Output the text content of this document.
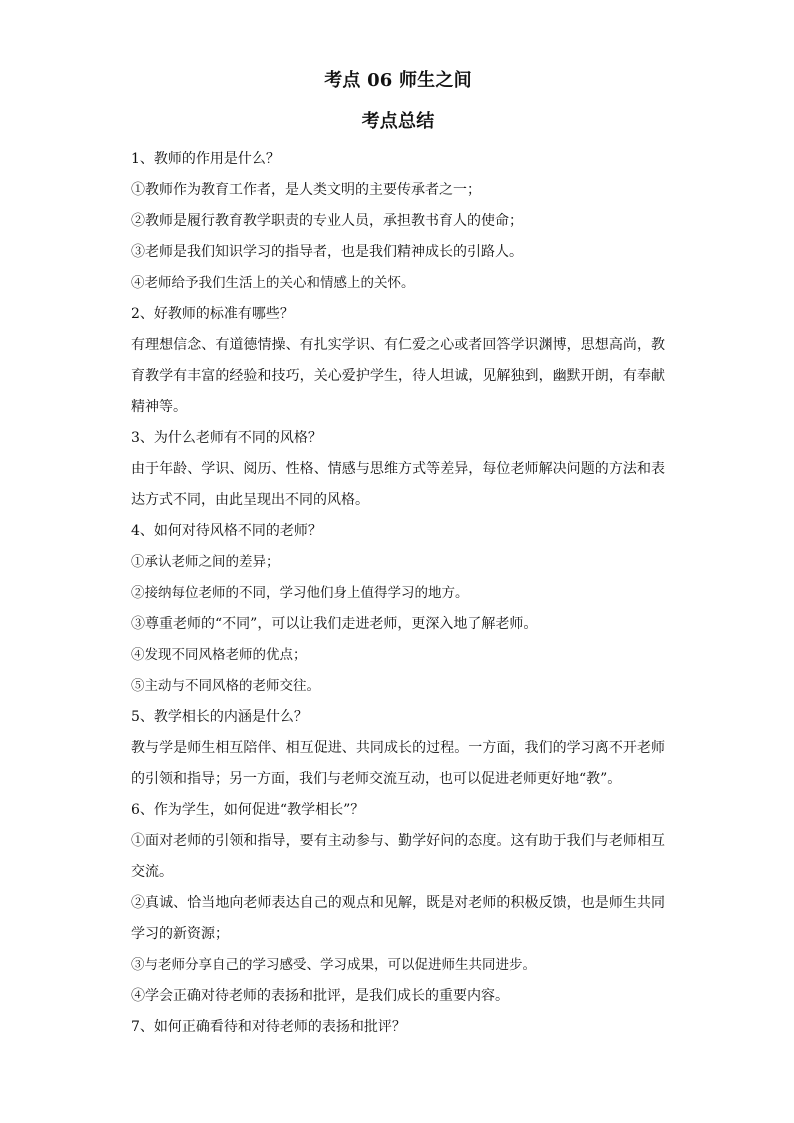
考点 06 师生之间
考点总结

1、教师的作用是什么？

①教师作为教育工作者，是人类文明的主要传承者之一；

②教师是履行教育教学职责的专业人员，承担教书育人的使命；

③老师是我们知识学习的指导者，也是我们精神成长的引路人。

④老师给予我们生活上的关心和情感上的关怀。

2、好教师的标准有哪些？

有理想信念、有道德情操、有扎实学识、有仁爱之心或者回答学识渊博，思想高尚，教育教学有丰富的经验和技巧，关心爱护学生，待人坦诚，见解独到，幽默开朗，有奉献精神等。

3、为什么老师有不同的风格？

由于年龄、学识、阅历、性格、情感与思维方式等差异，每位老师解决问题的方法和表达方式不同，由此呈现出不同的风格。

4、如何对待风格不同的老师？

①承认老师之间的差异；

②接纳每位老师的不同，学习他们身上值得学习的地方。

③尊重老师的“不同”，可以让我们走进老师，更深入地了解老师。

④发现不同风格老师的优点；

⑤主动与不同风格的老师交往。

5、教学相长的内涵是什么？

教与学是师生相互陪伴、相互促进、共同成长的过程。一方面，我们的学习离不开老师的引领和指导；另一方面，我们与老师交流互动，也可以促进老师更好地“教”。

6、作为学生，如何促进“教学相长”？

①面对老师的引领和指导，要有主动参与、勤学好问的态度。这有助于我们与老师相互交流。

②真诚、恰当地向老师表达自己的观点和见解，既是对老师的积极反馈，也是师生共同学习的新资源；

③与老师分享自己的学习感受、学习成果，可以促进师生共同进步。

④学会正确对待老师的表扬和批评，是我们成长的重要内容。

7、如何正确看待和对待老师的表扬和批评？
